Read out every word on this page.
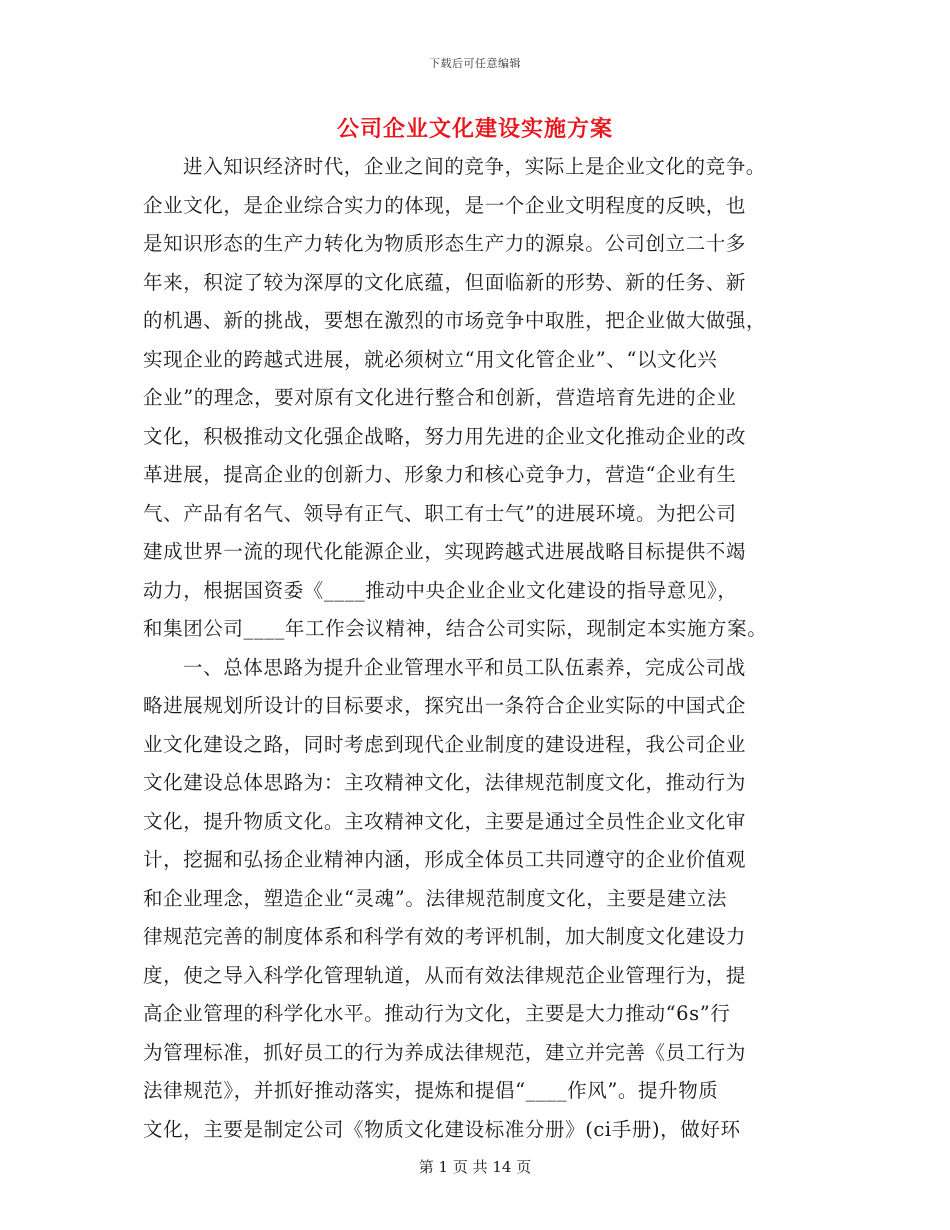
下载后可任意编辑
公司企业文化建设实施方案
进入知识经济时代，企业之间的竞争，实际上是企业文化的竞争。
企业文化，是企业综合实力的体现，是一个企业文明程度的反映，也
是知识形态的生产力转化为物质形态生产力的源泉。公司创立二十多
年来，积淀了较为深厚的文化底蕴，但面临新的形势、新的任务、新
的机遇、新的挑战，要想在激烈的市场竞争中取胜，把企业做大做强，
实现企业的跨越式进展，就必须树立“用文化管企业”、“以文化兴
企业”的理念，要对原有文化进行整合和创新，营造培育先进的企业
文化，积极推动文化强企战略，努力用先进的企业文化推动企业的改
革进展，提高企业的创新力、形象力和核心竞争力，营造“企业有生
气、产品有名气、领导有正气、职工有士气”的进展环境。为把公司
建成世界一流的现代化能源企业，实现跨越式进展战略目标提供不竭
动力，根据国资委《____推动中央企业企业文化建设的指导意见》，
和集团公司____年工作会议精神，结合公司实际，现制定本实施方案。
一、总体思路为提升企业管理水平和员工队伍素养，完成公司战
略进展规划所设计的目标要求，探究出一条符合企业实际的中国式企
业文化建设之路，同时考虑到现代企业制度的建设进程，我公司企业
文化建设总体思路为：主攻精神文化，法律规范制度文化，推动行为
文化，提升物质文化。主攻精神文化，主要是通过全员性企业文化审
计，挖掘和弘扬企业精神内涵，形成全体员工共同遵守的企业价值观
和企业理念，塑造企业“灵魂”。法律规范制度文化，主要是建立法
律规范完善的制度体系和科学有效的考评机制，加大制度文化建设力
度，使之导入科学化管理轨道，从而有效法律规范企业管理行为，提
高企业管理的科学化水平。推动行为文化，主要是大力推动“6s”行
为管理标准，抓好员工的行为养成法律规范，建立并完善《员工行为
法律规范》，并抓好推动落实，提炼和提倡“____作风”。提升物质
文化，主要是制定公司《物质文化建设标准分册》(ci手册)，做好环
第 1 页 共 14 页
